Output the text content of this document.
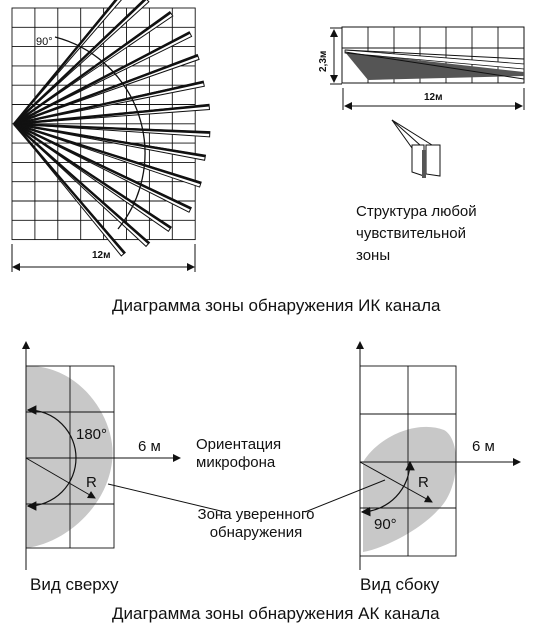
90°
12м
2,3м
12м
Структура любой
чувствительной
зоны
Диаграмма зоны обнаружения ИК канала
180°
6 м
R
Вид сверху
Ориентация
микрофона
Зона уверенного
обнаружения
6 м
R
90°
Вид сбоку
Диаграмма зоны обнаружения АК канала
